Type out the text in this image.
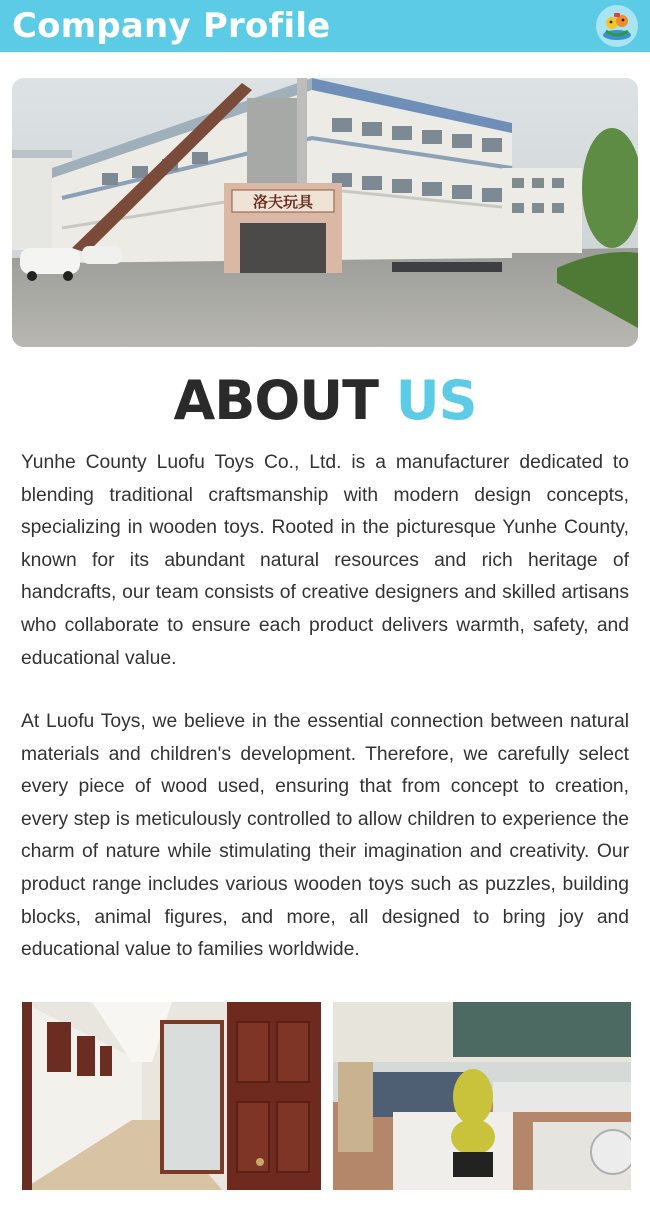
Company Profile
洛夫玩具
ABOUT US

Yunhe County Luofu Toys Co., Ltd. is a manufacturer dedicated to blending traditional craftsmanship with modern design concepts, specializing in wooden toys. Rooted in the picturesque Yunhe County, known for its abundant natural resources and rich heritage of handcrafts, our team consists of creative designers and skilled artisans who collaborate to ensure each product delivers warmth, safety, and educational value.

At Luofu Toys, we believe in the essential connection between natural materials and children's development. Therefore, we carefully select every piece of wood used, ensuring that from concept to creation, every step is meticulously controlled to allow children to experience the charm of nature while stimulating their imagination and creativity. Our product range includes various wooden toys such as puzzles, building blocks, animal figures, and more, all designed to bring joy and educational value to families worldwide.
